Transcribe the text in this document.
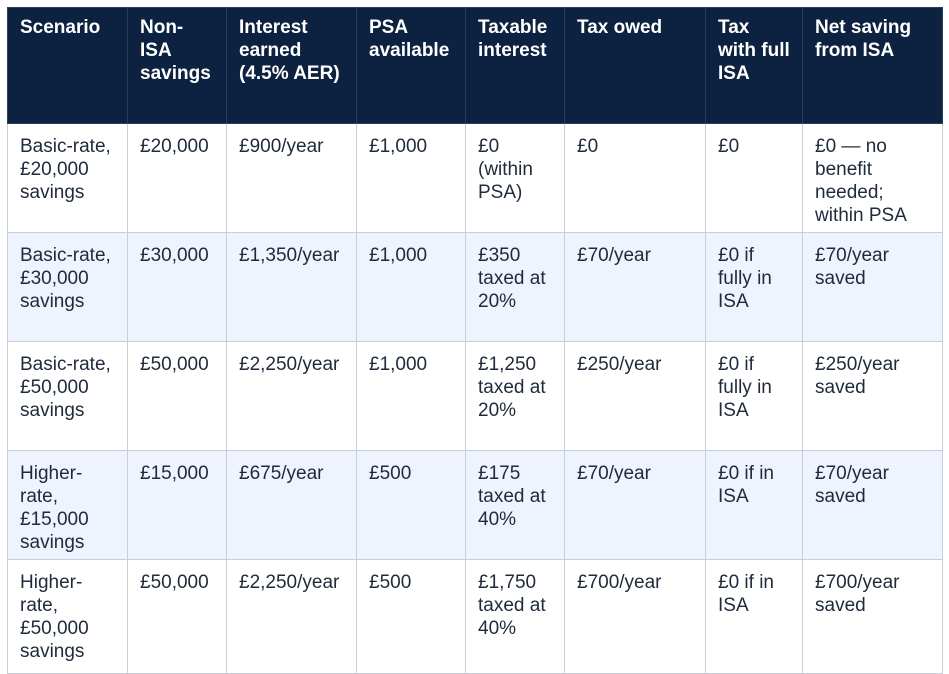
Scenario	Non-ISA savings	Interest earned (4.5% AER)	PSA available	Taxable interest	Tax owed	Tax with full ISA	Net saving from ISA
Basic-rate, £20,000 savings	£20,000	£900/year	£1,000	£0 (within PSA)	£0	£0	£0 — no benefit needed; within PSA
Basic-rate, £30,000 savings	£30,000	£1,350/year	£1,000	£350 taxed at 20%	£70/year	£0 if fully in ISA	£70/year saved
Basic-rate, £50,000 savings	£50,000	£2,250/year	£1,000	£1,250 taxed at 20%	£250/year	£0 if fully in ISA	£250/year saved
Higher-rate, £15,000 savings	£15,000	£675/year	£500	£175 taxed at 40%	£70/year	£0 if in ISA	£70/year saved
Higher-rate, £50,000 savings	£50,000	£2,250/year	£500	£1,750 taxed at 40%	£700/year	£0 if in ISA	£700/year saved
